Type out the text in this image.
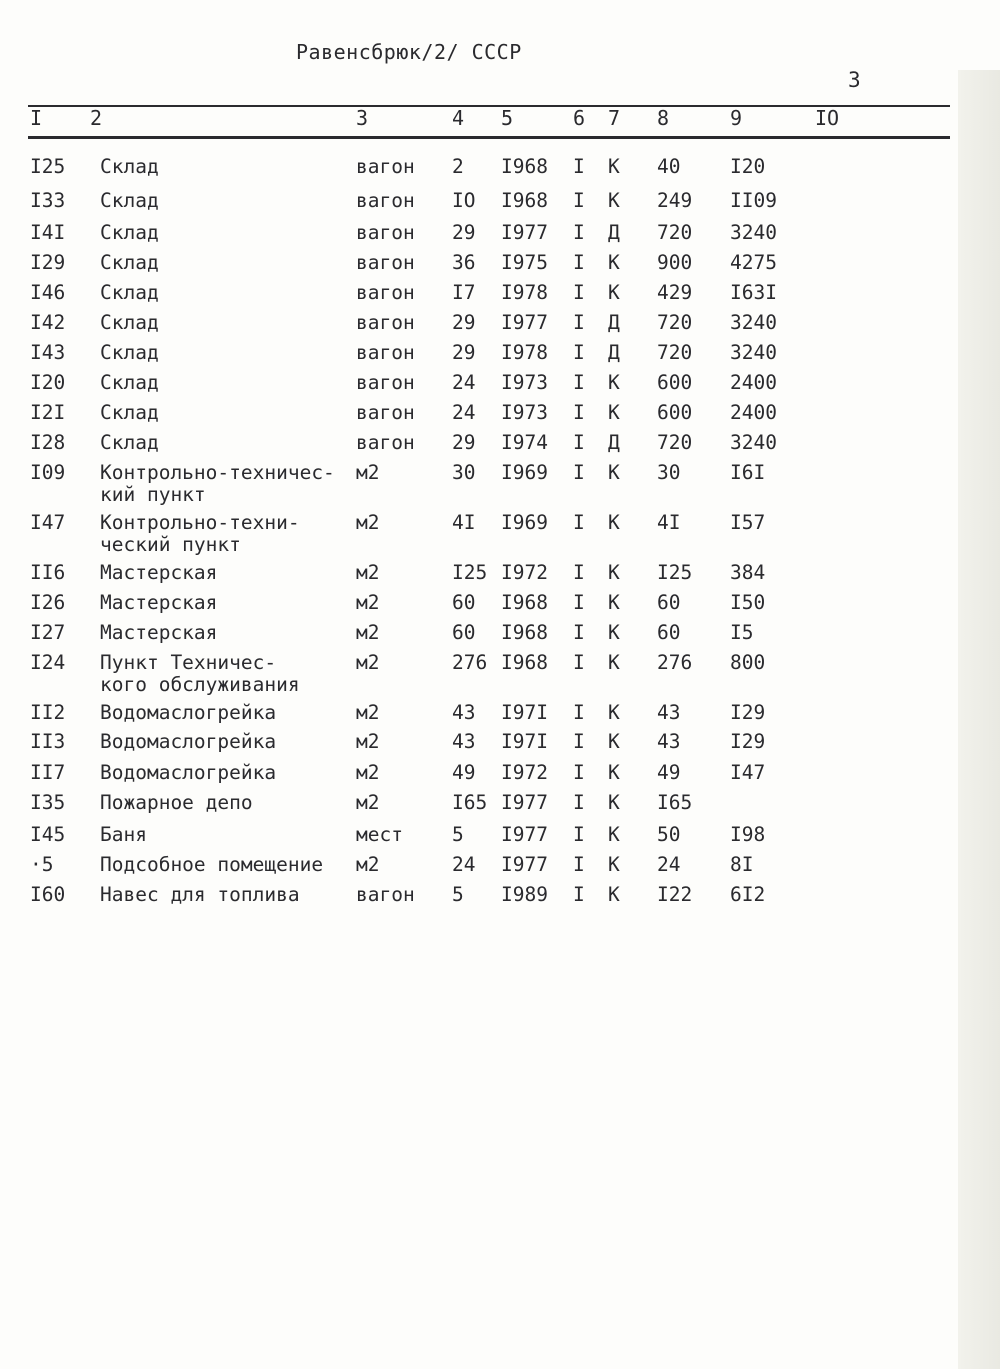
Равенсбрюк/2/ СССР
3
I 2	3	4 5	6 7 8	9	IO
I25 Склад	вагон 2 I968 I К 40	I20
I33 Склад	вагон IO I968 I К 249 II09
I4I Склад	вагон 29 I977 I Д 720 3240
I29 Склад	вагон 36 I975 I К 900 4275
I46 Склад	вагон I7 I978 I К 429 I63I
I42 Склад	вагон 29 I977 I Д 720 3240
I43 Склад	вагон 29 I978 I Д 720 3240
I20 Склад	вагон 24 I973 I К 600 2400
I2I Склад	вагон 24 I973 I К 600 2400
I28 Склад	вагон 29 I974 I Д 720 3240
I09 Контрольно-техничес-
кий пункт
м2	30 I969 I К 30	I6I
I47 Контрольно-техни-
ческий пункт
м2	4I I969 I К 4I	I57
II6 Мастерская	м2	I25 I972 I К I25 384
I26 Мастерская	м2	60 I968 I К 60	I50
I27 Мастерская	м2	60 I968 I К 60	I5
I24 Пункт Техничес-
кого обслуживания
м2	276 I968 I К 276 800
II2 Водомаслогрейка	м2	43 I97I I К 43	I29
II3 Водомаслогрейка	м2	43 I97I I К 43	I29
II7 Водомаслогрейка	м2	49 I972 I К 49	I47
I35 Пожарное депо	м2	I65 I977 I К I65
I45 Баня	мест	5 I977 I К 50	I98
·5 Подсобное помещение м2	24 I977 I К 24	8I
I60 Навес для топлива	вагон 5 I989 I К I22 6I2
